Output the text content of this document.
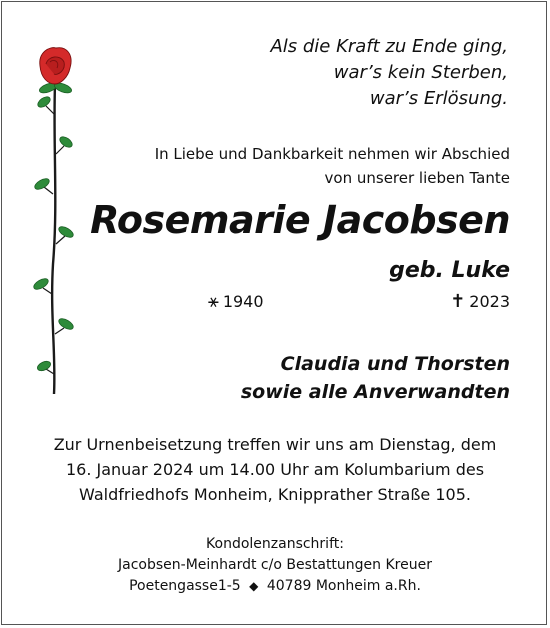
Als die Kraft zu Ende ging,
war’s kein Sterben,
war’s Erlösung.
In Liebe und Dankbarkeit nehmen wir Abschied
von unserer lieben Tante
Rosemarie Jacobsen
geb. Luke
⚹ 1940	✝ 2023
Claudia und Thorsten
sowie alle Anverwandten
Zur Urnenbeisetzung treffen wir uns am Dienstag, dem
16. Januar 2024 um 14.00 Uhr am Kolumbarium des
Waldfriedhofs Monheim, Knipprather Straße 105.
Kondolenzanschrift:
Jacobsen-Meinhardt c/o Bestattungen Kreuer
Poetengasse1-5 ◆ 40789 Monheim a.Rh.
